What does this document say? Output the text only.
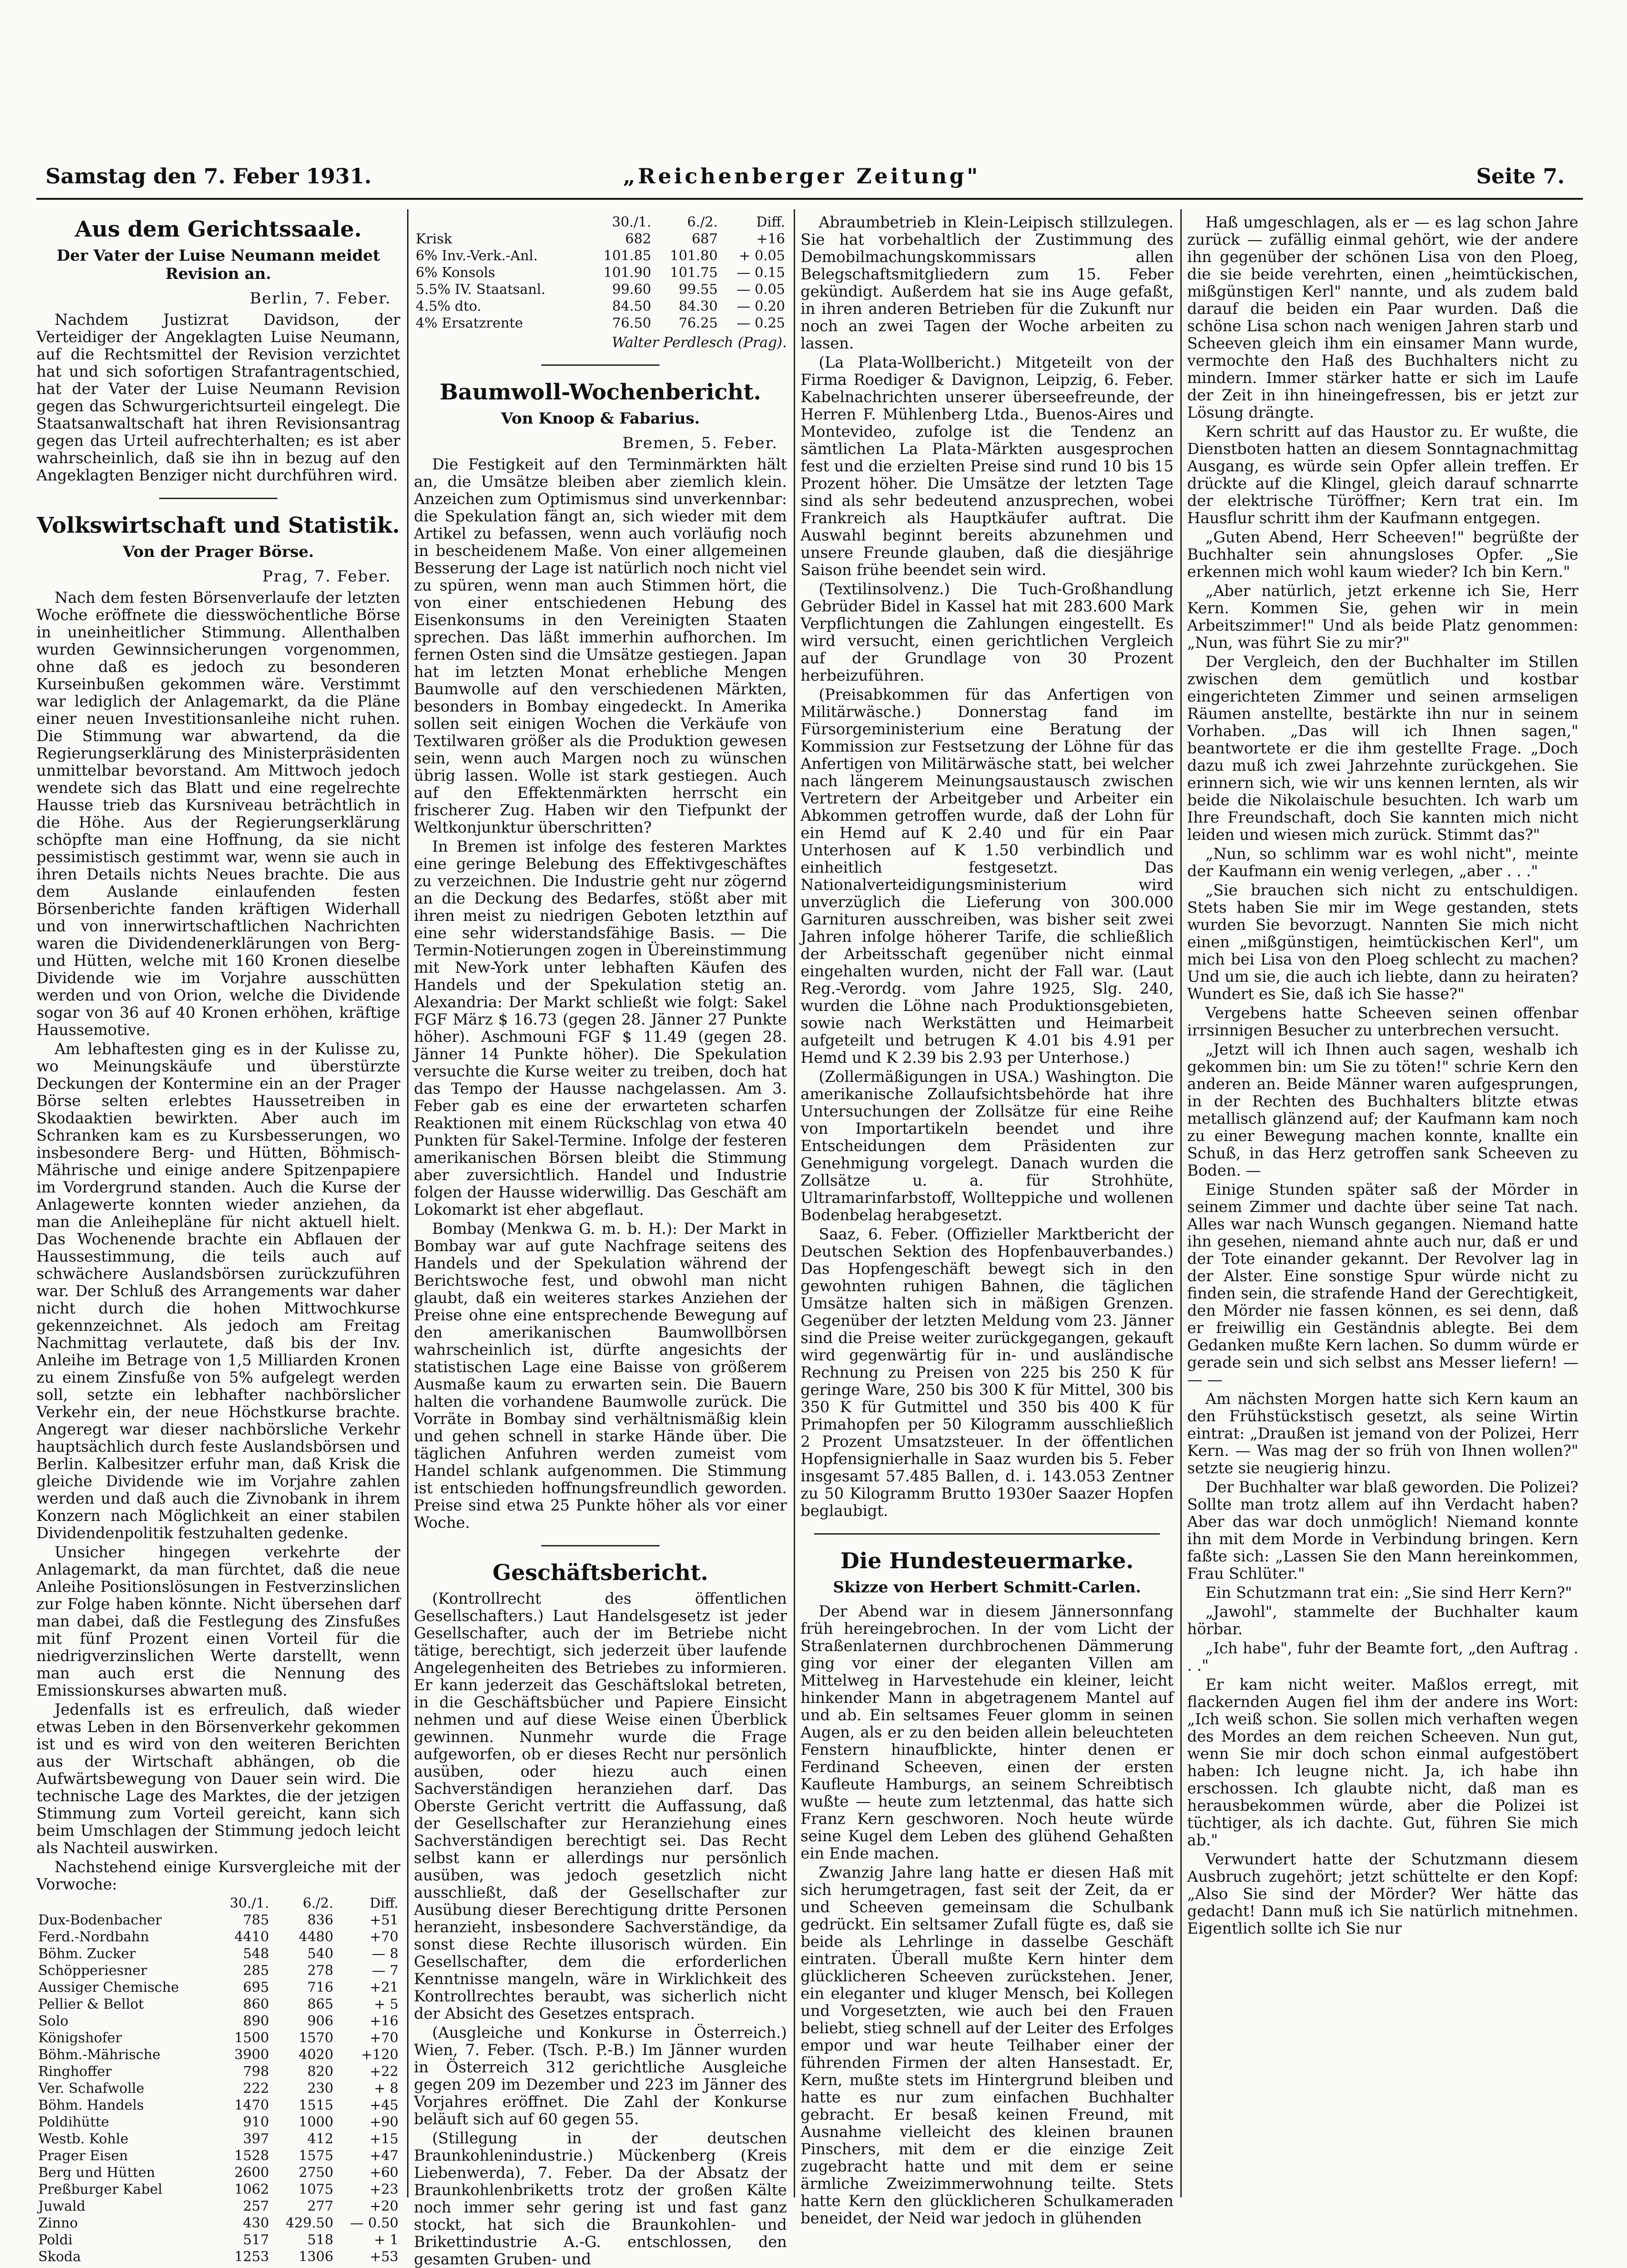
Samstag den 7. Feber 1931.	„Reichenberger Zeitung"	Seite 7.
Aus dem Gerichtssaale.
Der Vater der Luise Neumann meidet Revision an.
Berlin, 7. Feber.

Nachdem Justizrat Davidson, der Verteidiger der Angeklagten Luise Neumann, auf die Rechtsmittel der Revision verzichtet hat und sich sofortigen Strafantragentschied, hat der Vater der Luise Neumann Revision gegen das Schwurgerichtsurteil eingelegt. Die Staatsanwaltschaft hat ihren Revisionsantrag gegen das Urteil aufrechterhalten; es ist aber wahrscheinlich, daß sie ihn in bezug auf den Angeklagten Benziger nicht durchführen wird.

Volkswirtschaft und Statistik.
Von der Prager Börse.
Prag, 7. Feber.

Nach dem festen Börsenverlaufe der letzten Woche eröffnete die diesswöchentliche Börse in uneinheitlicher Stimmung. Allenthalben wurden Gewinnsicherungen vorgenommen, ohne daß es jedoch zu besonderen Kurseinbußen gekommen wäre. Verstimmt war lediglich der Anlagemarkt, da die Pläne einer neuen Investitionsanleihe nicht ruhen. Die Stimmung war abwartend, da die Regierungserklärung des Ministerpräsidenten unmittelbar bevorstand. Am Mittwoch jedoch wendete sich das Blatt und eine regelrechte Hausse trieb das Kursniveau beträchtlich in die Höhe. Aus der Regierungserklärung schöpfte man eine Hoffnung, da sie nicht pessimistisch gestimmt war, wenn sie auch in ihren Details nichts Neues brachte. Die aus dem Auslande einlaufenden festen Börsenberichte fanden kräftigen Widerhall und von innerwirtschaftlichen Nachrichten waren die Dividendenerklärungen von Berg- und Hütten, welche mit 160 Kronen dieselbe Dividende wie im Vorjahre ausschütten werden und von Orion, welche die Dividende sogar von 36 auf 40 Kronen erhöhen, kräftige Haussemotive.

Am lebhaftesten ging es in der Kulisse zu, wo Meinungskäufe und überstürzte Deckungen der Kontermine ein an der Prager Börse selten erlebtes Haussetreiben in Skodaaktien bewirkten. Aber auch im Schranken kam es zu Kursbesserungen, wo insbesondere Berg- und Hütten, Böhmisch-Mährische und einige andere Spitzenpapiere im Vordergrund standen. Auch die Kurse der Anlagewerte konnten wieder anziehen, da man die Anleihepläne für nicht aktuell hielt. Das Wochenende brachte ein Abflauen der Haussestimmung, die teils auch auf schwächere Auslandsbörsen zurückzuführen war. Der Schluß des Arrangements war daher nicht durch die hohen Mittwochkurse gekennzeichnet. Als jedoch am Freitag Nachmittag verlautete, daß bis der Inv. Anleihe im Betrage von 1,5 Milliarden Kronen zu einem Zinsfuße von 5% aufgelegt werden soll, setzte ein lebhafter nachbörslicher Verkehr ein, der neue Höchstkurse brachte. Angeregt war dieser nachbörsliche Verkehr hauptsächlich durch feste Auslandsbörsen und Berlin. Kalbesitzer erfuhr man, daß Krisk die gleiche Dividende wie im Vorjahre zahlen werden und daß auch die Zivnobank in ihrem Konzern nach Möglichkeit an einer stabilen Dividendenpolitik festzuhalten gedenke.

Unsicher hingegen verkehrte der Anlagemarkt, da man fürchtet, daß die neue Anleihe Positionslösungen in Festverzinslichen zur Folge haben könnte. Nicht übersehen darf man dabei, daß die Festlegung des Zinsfußes mit fünf Prozent einen Vorteil für die niedrigverzinslichen Werte darstellt, wenn man auch erst die Nennung des Emissionskurses abwarten muß.

Jedenfalls ist es erfreulich, daß wieder etwas Leben in den Börsenverkehr gekommen ist und es wird von den weiteren Berichten aus der Wirtschaft abhängen, ob die Aufwärtsbewegung von Dauer sein wird. Die technische Lage des Marktes, die der jetzigen Stimmung zum Vorteil gereicht, kann sich beim Umschlagen der Stimmung jedoch leicht als Nachteil auswirken.

Nachstehend einige Kursvergleiche mit der Vorwoche:

	30./1.	6./2.	Diff.
Dux-Bodenbacher	785	836	+51
Ferd.-Nordbahn	4410	4480	+70
Böhm. Zucker	548	540	— 8
Schöpperiesner	285	278	— 7
Aussiger Chemische	695	716	+21
Pellier & Bellot	860	865	+ 5
Solo	890	906	+16
Königshofer	1500	1570	+70
Böhm.-Mährische	3900	4020	+120
Ringhoffer	798	820	+22
Ver. Schafwolle	222	230	+ 8
Böhm. Handels	1470	1515	+45
Poldihütte	910	1000	+90
Westb. Kohle	397	412	+15
Prager Eisen	1528	1575	+47
Berg und Hütten	2600	2750	+60
Preßburger Kabel	1062	1075	+23
Juwald	257	277	+20
Zinno	430	429.50	— 0.50
Poldi	517	518	+ 1
Skoda	1253	1306	+53
	30./1.	6./2.	Diff.
Krisk	682	687	+16
6% Inv.-Verk.-Anl.	101.85	101.80	+ 0.05
6% Konsols	101.90	101.75	— 0.15
5.5% IV. Staatsanl.	99.60	99.55	— 0.05
4.5% dto.	84.50	84.30	— 0.20
4% Ersatzrente	76.50	76.25	— 0.25
Walter Perdlesch (Prag).
Baumwoll-Wochenbericht.
Von Knoop & Fabarius.
Bremen, 5. Feber.

Die Festigkeit auf den Terminmärkten hält an, die Umsätze bleiben aber ziemlich klein. Anzeichen zum Optimismus sind unverkennbar: die Spekulation fängt an, sich wieder mit dem Artikel zu befassen, wenn auch vorläufig noch in bescheidenem Maße. Von einer allgemeinen Besserung der Lage ist natürlich noch nicht viel zu spüren, wenn man auch Stimmen hört, die von einer entschiedenen Hebung des Eisenkonsums in den Vereinigten Staaten sprechen. Das läßt immerhin aufhorchen. Im fernen Osten sind die Umsätze gestiegen. Japan hat im letzten Monat erhebliche Mengen Baumwolle auf den verschiedenen Märkten, besonders in Bombay eingedeckt. In Amerika sollen seit einigen Wochen die Verkäufe von Textilwaren größer als die Produktion gewesen sein, wenn auch Margen noch zu wünschen übrig lassen. Wolle ist stark gestiegen. Auch auf den Effektenmärkten herrscht ein frischerer Zug. Haben wir den Tiefpunkt der Weltkonjunktur überschritten?

In Bremen ist infolge des festeren Marktes eine geringe Belebung des Effektivgeschäftes zu verzeichnen. Die Industrie geht nur zögernd an die Deckung des Bedarfes, stößt aber mit ihren meist zu niedrigen Geboten letzthin auf eine sehr widerstandsfähige Basis. — Die Termin-Notierungen zogen in Übereinstimmung mit New-York unter lebhaften Käufen des Handels und der Spekulation stetig an. Alexandria: Der Markt schließt wie folgt: Sakel FGF März $ 16.73 (gegen 28. Jänner 27 Punkte höher). Aschmouni FGF $ 11.49 (gegen 28. Jänner 14 Punkte höher). Die Spekulation versuchte die Kurse weiter zu treiben, doch hat das Tempo der Hausse nachgelassen. Am 3. Feber gab es eine der erwarteten scharfen Reaktionen mit einem Rückschlag von etwa 40 Punkten für Sakel-Termine. Infolge der festeren amerikanischen Börsen bleibt die Stimmung aber zuversichtlich. Handel und Industrie folgen der Hausse widerwillig. Das Geschäft am Lokomarkt ist eher abgeflaut.

Bombay (Menkwa G. m. b. H.): Der Markt in Bombay war auf gute Nachfrage seitens des Handels und der Spekulation während der Berichtswoche fest, und obwohl man nicht glaubt, daß ein weiteres starkes Anziehen der Preise ohne eine entsprechende Bewegung auf den amerikanischen Baumwollbörsen wahrscheinlich ist, dürfte angesichts der statistischen Lage eine Baisse von größerem Ausmaße kaum zu erwarten sein. Die Bauern halten die vorhandene Baumwolle zurück. Die Vorräte in Bombay sind verhältnismäßig klein und gehen schnell in starke Hände über. Die täglichen Anfuhren werden zumeist vom Handel schlank aufgenommen. Die Stimmung ist entschieden hoffnungsfreundlich geworden. Preise sind etwa 25 Punkte höher als vor einer Woche.

Geschäftsbericht.

(Kontrollrecht des öffentlichen Gesellschafters.) Laut Handelsgesetz ist jeder Gesellschafter, auch der im Betriebe nicht tätige, berechtigt, sich jederzeit über laufende Angelegenheiten des Betriebes zu informieren. Er kann jederzeit das Geschäftslokal betreten, in die Geschäftsbücher und Papiere Einsicht nehmen und auf diese Weise einen Überblick gewinnen. Nunmehr wurde die Frage aufgeworfen, ob er dieses Recht nur persönlich ausüben, oder hiezu auch einen Sachverständigen heranziehen darf. Das Oberste Gericht vertritt die Auffassung, daß der Gesellschafter zur Heranziehung eines Sachverständigen berechtigt sei. Das Recht selbst kann er allerdings nur persönlich ausüben, was jedoch gesetzlich nicht ausschließt, daß der Gesellschafter zur Ausübung dieser Berechtigung dritte Personen heranzieht, insbesondere Sachverständige, da sonst diese Rechte illusorisch würden. Ein Gesellschafter, dem die erforderlichen Kenntnisse mangeln, wäre in Wirklichkeit des Kontrollrechtes beraubt, was sicherlich nicht der Absicht des Gesetzes entsprach.

(Ausgleiche und Konkurse in Österreich.) Wien, 7. Feber. (Tsch. P.-B.) Im Jänner wurden in Österreich 312 gerichtliche Ausgleiche gegen 209 im Dezember und 223 im Jänner des Vorjahres eröffnet. Die Zahl der Konkurse beläuft sich auf 60 gegen 55.

(Stillegung in der deutschen Braunkohlenindustrie.) Mückenberg (Kreis Liebenwerda), 7. Feber. Da der Absatz der Braunkohlenbriketts trotz der großen Kälte noch immer sehr gering ist und fast ganz stockt, hat sich die Braunkohlen- und Brikettindustrie A.-G. entschlossen, den gesamten Gruben- und

Abraumbetrieb in Klein-Leipisch stillzulegen. Sie hat vorbehaltlich der Zustimmung des Demobilmachungskommissars allen Belegschaftsmitgliedern zum 15. Feber gekündigt. Außerdem hat sie ins Auge gefaßt, in ihren anderen Betrieben für die Zukunft nur noch an zwei Tagen der Woche arbeiten zu lassen.

(La Plata-Wollbericht.) Mitgeteilt von der Firma Roediger & Davignon, Leipzig, 6. Feber. Kabelnachrichten unserer überseefreunde, der Herren F. Mühlenberg Ltda., Buenos-Aires und Montevideo, zufolge ist die Tendenz an sämtlichen La Plata-Märkten ausgesprochen fest und die erzielten Preise sind rund 10 bis 15 Prozent höher. Die Umsätze der letzten Tage sind als sehr bedeutend anzusprechen, wobei Frankreich als Hauptkäufer auftrat. Die Auswahl beginnt bereits abzunehmen und unsere Freunde glauben, daß die diesjährige Saison frühe beendet sein wird.

(Textilinsolvenz.) Die Tuch-Großhandlung Gebrüder Bidel in Kassel hat mit 283.600 Mark Verpflichtungen die Zahlungen eingestellt. Es wird versucht, einen gerichtlichen Vergleich auf der Grundlage von 30 Prozent herbeizuführen.

(Preisabkommen für das Anfertigen von Militärwäsche.) Donnerstag fand im Fürsorgeministerium eine Beratung der Kommission zur Festsetzung der Löhne für das Anfertigen von Militärwäsche statt, bei welcher nach längerem Meinungsaustausch zwischen Vertretern der Arbeitgeber und Arbeiter ein Abkommen getroffen wurde, daß der Lohn für ein Hemd auf K 2.40 und für ein Paar Unterhosen auf K 1.50 verbindlich und einheitlich festgesetzt. Das Nationalverteidigungsministerium wird unverzüglich die Lieferung von 300.000 Garnituren ausschreiben, was bisher seit zwei Jahren infolge höherer Tarife, die schließlich der Arbeitsschaft gegenüber nicht einmal eingehalten wurden, nicht der Fall war. (Laut Reg.-Verordg. vom Jahre 1925, Slg. 240, wurden die Löhne nach Produktionsgebieten, sowie nach Werkstätten und Heimarbeit aufgeteilt und betrugen K 4.01 bis 4.91 per Hemd und K 2.39 bis 2.93 per Unterhose.)

(Zollermäßigungen in USA.) Washington. Die amerikanische Zollaufsichtsbehörde hat ihre Untersuchungen der Zollsätze für eine Reihe von Importartikeln beendet und ihre Entscheidungen dem Präsidenten zur Genehmigung vorgelegt. Danach wurden die Zollsätze u. a. für Strohhüte, Ultramarinfarbstoff, Wollteppiche und wollenen Bodenbelag herabgesetzt.

Saaz, 6. Feber. (Offizieller Marktbericht der Deutschen Sektion des Hopfenbauverbandes.) Das Hopfengeschäft bewegt sich in den gewohnten ruhigen Bahnen, die täglichen Umsätze halten sich in mäßigen Grenzen. Gegenüber der letzten Meldung vom 23. Jänner sind die Preise weiter zurückgegangen, gekauft wird gegenwärtig für in- und ausländische Rechnung zu Preisen von 225 bis 250 K für geringe Ware, 250 bis 300 K für Mittel, 300 bis 350 K für Gutmittel und 350 bis 400 K für Primahopfen per 50 Kilogramm ausschließlich 2 Prozent Umsatzsteuer. In der öffentlichen Hopfensignierhalle in Saaz wurden bis 5. Feber insgesamt 57.485 Ballen, d. i. 143.053 Zentner zu 50 Kilogramm Brutto 1930er Saazer Hopfen beglaubigt.

Die Hundesteuermarke.
Skizze von Herbert Schmitt-Carlen.

Der Abend war in diesem Jännersonnfang früh hereingebrochen. In der vom Licht der Straßenlaternen durchbrochenen Dämmerung ging vor einer der eleganten Villen am Mittelweg in Harvestehude ein kleiner, leicht hinkender Mann in abgetragenem Mantel auf und ab. Ein seltsames Feuer glomm in seinen Augen, als er zu den beiden allein beleuchteten Fenstern hinaufblickte, hinter denen er Ferdinand Scheeven, einen der ersten Kaufleute Hamburgs, an seinem Schreibtisch wußte — heute zum letztenmal, das hatte sich Franz Kern geschworen. Noch heute würde seine Kugel dem Leben des glühend Gehaßten ein Ende machen.

Zwanzig Jahre lang hatte er diesen Haß mit sich herumgetragen, fast seit der Zeit, da er und Scheeven gemeinsam die Schulbank gedrückt. Ein seltsamer Zufall fügte es, daß sie beide als Lehrlinge in dasselbe Geschäft eintraten. Überall mußte Kern hinter dem glücklicheren Scheeven zurückstehen. Jener, ein eleganter und kluger Mensch, bei Kollegen und Vorgesetzten, wie auch bei den Frauen beliebt, stieg schnell auf der Leiter des Erfolges empor und war heute Teilhaber einer der führenden Firmen der alten Hansestadt. Er, Kern, mußte stets im Hintergrund bleiben und hatte es nur zum einfachen Buchhalter gebracht. Er besaß keinen Freund, mit Ausnahme vielleicht des kleinen braunen Pinschers, mit dem er die einzige Zeit zugebracht hatte und mit dem er seine ärmliche Zweizimmerwohnung teilte. Stets hatte Kern den glücklicheren Schulkameraden beneidet, der Neid war jedoch in glühenden

Haß umgeschlagen, als er — es lag schon Jahre zurück — zufällig einmal gehört, wie der andere ihn gegenüber der schönen Lisa von den Ploeg, die sie beide verehrten, einen „heimtückischen, mißgünstigen Kerl" nannte, und als zudem bald darauf die beiden ein Paar wurden. Daß die schöne Lisa schon nach wenigen Jahren starb und Scheeven gleich ihm ein einsamer Mann wurde, vermochte den Haß des Buchhalters nicht zu mindern. Immer stärker hatte er sich im Laufe der Zeit in ihn hineingefressen, bis er jetzt zur Lösung drängte.

Kern schritt auf das Haustor zu. Er wußte, die Dienstboten hatten an diesem Sonntagnachmittag Ausgang, es würde sein Opfer allein treffen. Er drückte auf die Klingel, gleich darauf schnarrte der elektrische Türöffner; Kern trat ein. Im Hausflur schritt ihm der Kaufmann entgegen.

„Guten Abend, Herr Scheeven!" begrüßte der Buchhalter sein ahnungsloses Opfer. „Sie erkennen mich wohl kaum wieder? Ich bin Kern."

„Aber natürlich, jetzt erkenne ich Sie, Herr Kern. Kommen Sie, gehen wir in mein Arbeitszimmer!" Und als beide Platz genommen: „Nun, was führt Sie zu mir?"

Der Vergleich, den der Buchhalter im Stillen zwischen dem gemütlich und kostbar eingerichteten Zimmer und seinen armseligen Räumen anstellte, bestärkte ihn nur in seinem Vorhaben. „Das will ich Ihnen sagen," beantwortete er die ihm gestellte Frage. „Doch dazu muß ich zwei Jahrzehnte zurückgehen. Sie erinnern sich, wie wir uns kennen lernten, als wir beide die Nikolaischule besuchten. Ich warb um Ihre Freundschaft, doch Sie kannten mich nicht leiden und wiesen mich zurück. Stimmt das?"

„Nun, so schlimm war es wohl nicht", meinte der Kaufmann ein wenig verlegen, „aber . . ."

„Sie brauchen sich nicht zu entschuldigen. Stets haben Sie mir im Wege gestanden, stets wurden Sie bevorzugt. Nannten Sie mich nicht einen „mißgünstigen, heimtückischen Kerl", um mich bei Lisa von den Ploeg schlecht zu machen? Und um sie, die auch ich liebte, dann zu heiraten? Wundert es Sie, daß ich Sie hasse?"

Vergebens hatte Scheeven seinen offenbar irrsinnigen Besucher zu unterbrechen versucht.

„Jetzt will ich Ihnen auch sagen, weshalb ich gekommen bin: um Sie zu töten!" schrie Kern den anderen an. Beide Männer waren aufgesprungen, in der Rechten des Buchhalters blitzte etwas metallisch glänzend auf; der Kaufmann kam noch zu einer Bewegung machen konnte, knallte ein Schuß, in das Herz getroffen sank Scheeven zu Boden. —

Einige Stunden später saß der Mörder in seinem Zimmer und dachte über seine Tat nach. Alles war nach Wunsch gegangen. Niemand hatte ihn gesehen, niemand ahnte auch nur, daß er und der Tote einander gekannt. Der Revolver lag in der Alster. Eine sonstige Spur würde nicht zu finden sein, die strafende Hand der Gerechtigkeit, den Mörder nie fassen können, es sei denn, daß er freiwillig ein Geständnis ablegte. Bei dem Gedanken mußte Kern lachen. So dumm würde er gerade sein und sich selbst ans Messer liefern! — — —

Am nächsten Morgen hatte sich Kern kaum an den Frühstückstisch gesetzt, als seine Wirtin eintrat: „Draußen ist jemand von der Polizei, Herr Kern. — Was mag der so früh von Ihnen wollen?" setzte sie neugierig hinzu.

Der Buchhalter war blaß geworden. Die Polizei? Sollte man trotz allem auf ihn Verdacht haben? Aber das war doch unmöglich! Niemand konnte ihn mit dem Morde in Verbindung bringen. Kern faßte sich: „Lassen Sie den Mann hereinkommen, Frau Schlüter."

Ein Schutzmann trat ein: „Sie sind Herr Kern?"

„Jawohl", stammelte der Buchhalter kaum hörbar.

„Ich habe", fuhr der Beamte fort, „den Auftrag . . ."

Er kam nicht weiter. Maßlos erregt, mit flackernden Augen fiel ihm der andere ins Wort: „Ich weiß schon. Sie sollen mich verhaften wegen des Mordes an dem reichen Scheeven. Nun gut, wenn Sie mir doch schon einmal aufgestöbert haben: Ich leugne nicht. Ja, ich habe ihn erschossen. Ich glaubte nicht, daß man es herausbekommen würde, aber die Polizei ist tüchtiger, als ich dachte. Gut, führen Sie mich ab."

Verwundert hatte der Schutzmann diesem Ausbruch zugehört; jetzt schüttelte er den Kopf: „Also Sie sind der Mörder? Wer hätte das gedacht! Dann muß ich Sie natürlich mitnehmen. Eigentlich sollte ich Sie nur
